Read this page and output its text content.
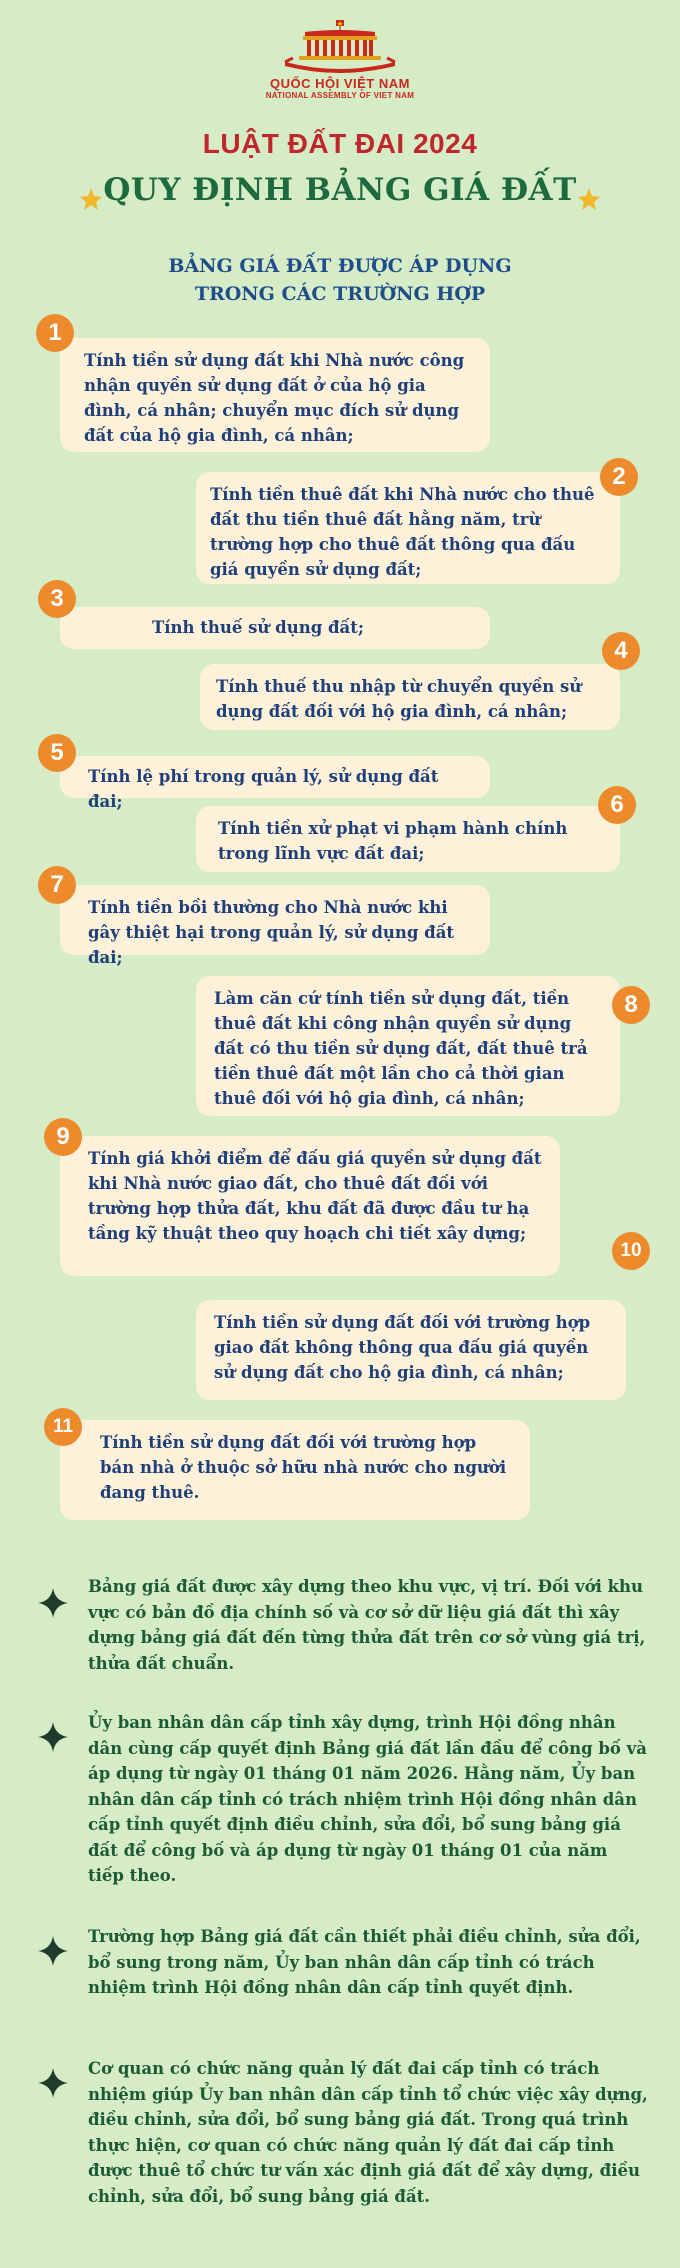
QUỐC HỘI VIỆT NAM
NATIONAL ASSEMBLY OF VIET NAM
LUẬT ĐẤT ĐAI 2024
QUY ĐỊNH BẢNG GIÁ ĐẤT
BẢNG GIÁ ĐẤT ĐƯỢC ÁP DỤNG TRONG CÁC TRƯỜNG HỢP
Tính tiền sử dụng đất khi Nhà nước công nhận quyền sử dụng đất ở của hộ gia đình, cá nhân; chuyển mục đích sử dụng đất của hộ gia đình, cá nhân;
1
Tính tiền thuê đất khi Nhà nước cho thuê đất thu tiền thuê đất hằng năm, trừ trường hợp cho thuê đất thông qua đấu giá quyền sử dụng đất;
2
Tính thuế sử dụng đất;
3
Tính thuế thu nhập từ chuyển quyền sử dụng đất đối với hộ gia đình, cá nhân;
4
Tính lệ phí trong quản lý, sử dụng đất đai;
5
Tính tiền xử phạt vi phạm hành chính trong lĩnh vực đất đai;
6
Tính tiền bồi thường cho Nhà nước khi gây thiệt hại trong quản lý, sử dụng đất đai;
7
Làm căn cứ tính tiền sử dụng đất, tiền thuê đất khi công nhận quyền sử dụng đất có thu tiền sử dụng đất, đất thuê trả tiền thuê đất một lần cho cả thời gian thuê đối với hộ gia đình, cá nhân;
8
Tính giá khởi điểm để đấu giá quyền sử dụng đất khi Nhà nước giao đất, cho thuê đất đối với trường hợp thửa đất, khu đất đã được đầu tư hạ tầng kỹ thuật theo quy hoạch chi tiết xây dựng;
9
Tính tiền sử dụng đất đối với trường hợp giao đất không thông qua đấu giá quyền sử dụng đất cho hộ gia đình, cá nhân;
10
Tính tiền sử dụng đất đối với trường hợp bán nhà ở thuộc sở hữu nhà nước cho người đang thuê.
11
Bảng giá đất được xây dựng theo khu vực, vị trí. Đối với khu vực có bản đồ địa chính số và cơ sở dữ liệu giá đất thì xây dựng bảng giá đất đến từng thửa đất trên cơ sở vùng giá trị, thửa đất chuẩn.
Ủy ban nhân dân cấp tỉnh xây dựng, trình Hội đồng nhân dân cùng cấp quyết định Bảng giá đất lần đầu để công bố và áp dụng từ ngày 01 tháng 01 năm 2026. Hằng năm, Ủy ban nhân dân cấp tỉnh có trách nhiệm trình Hội đồng nhân dân cấp tỉnh quyết định điều chỉnh, sửa đổi, bổ sung bảng giá đất để công bố và áp dụng từ ngày 01 tháng 01 của năm tiếp theo.
Trường hợp Bảng giá đất cần thiết phải điều chỉnh, sửa đổi, bổ sung trong năm, Ủy ban nhân dân cấp tỉnh có trách nhiệm trình Hội đồng nhân dân cấp tỉnh quyết định.
Cơ quan có chức năng quản lý đất đai cấp tỉnh có trách nhiệm giúp Ủy ban nhân dân cấp tỉnh tổ chức việc xây dựng, điều chỉnh, sửa đổi, bổ sung bảng giá đất. Trong quá trình thực hiện, cơ quan có chức năng quản lý đất đai cấp tỉnh được thuê tổ chức tư vấn xác định giá đất để xây dựng, điều chỉnh, sửa đổi, bổ sung bảng giá đất.
